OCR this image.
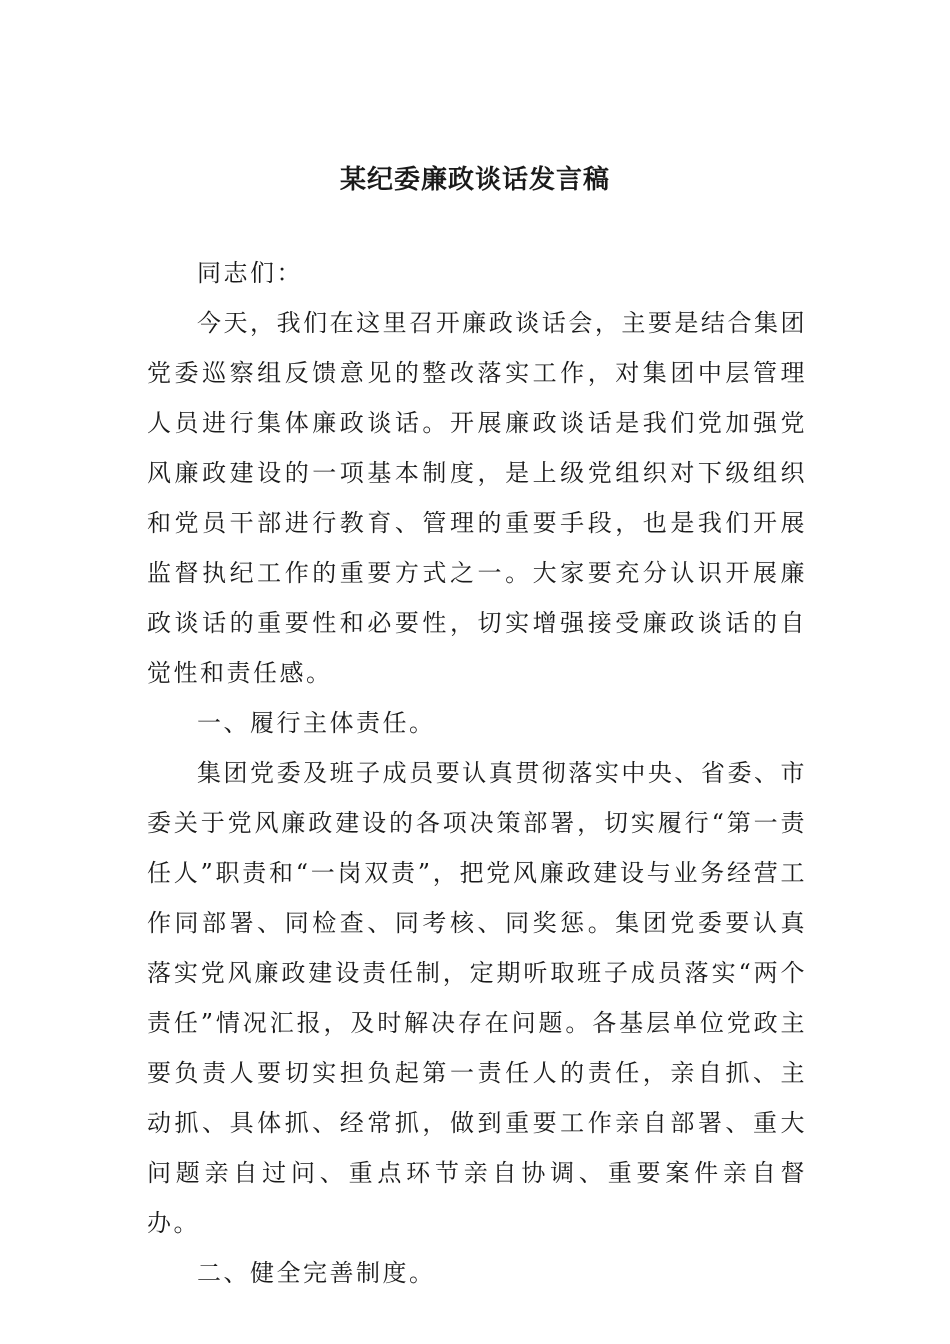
某纪委廉政谈话发言稿

同志们：

今天，我们在这里召开廉政谈话会，主要是结合集团党委巡察组反馈意见的整改落实工作，对集团中层管理人员进行集体廉政谈话。开展廉政谈话是我们党加强党风廉政建设的一项基本制度，是上级党组织对下级组织和党员干部进行教育、管理的重要手段，也是我们开展监督执纪工作的重要方式之一。大家要充分认识开展廉政谈话的重要性和必要性，切实增强接受廉政谈话的自觉性和责任感。

一、履行主体责任。

集团党委及班子成员要认真贯彻落实中央、省委、市委关于党风廉政建设的各项决策部署，切实履行“第一责任人”职责和“一岗双责”，把党风廉政建设与业务经营工作同部署、同检查、同考核、同奖惩。集团党委要认真落实党风廉政建设责任制，定期听取班子成员落实“两个责任”情况汇报，及时解决存在问题。各基层单位党政主要负责人要切实担负起第一责任人的责任，亲自抓、主动抓、具体抓、经常抓，做到重要工作亲自部署、重大问题亲自过问、重点环节亲自协调、重要案件亲自督办。

二、健全完善制度。
